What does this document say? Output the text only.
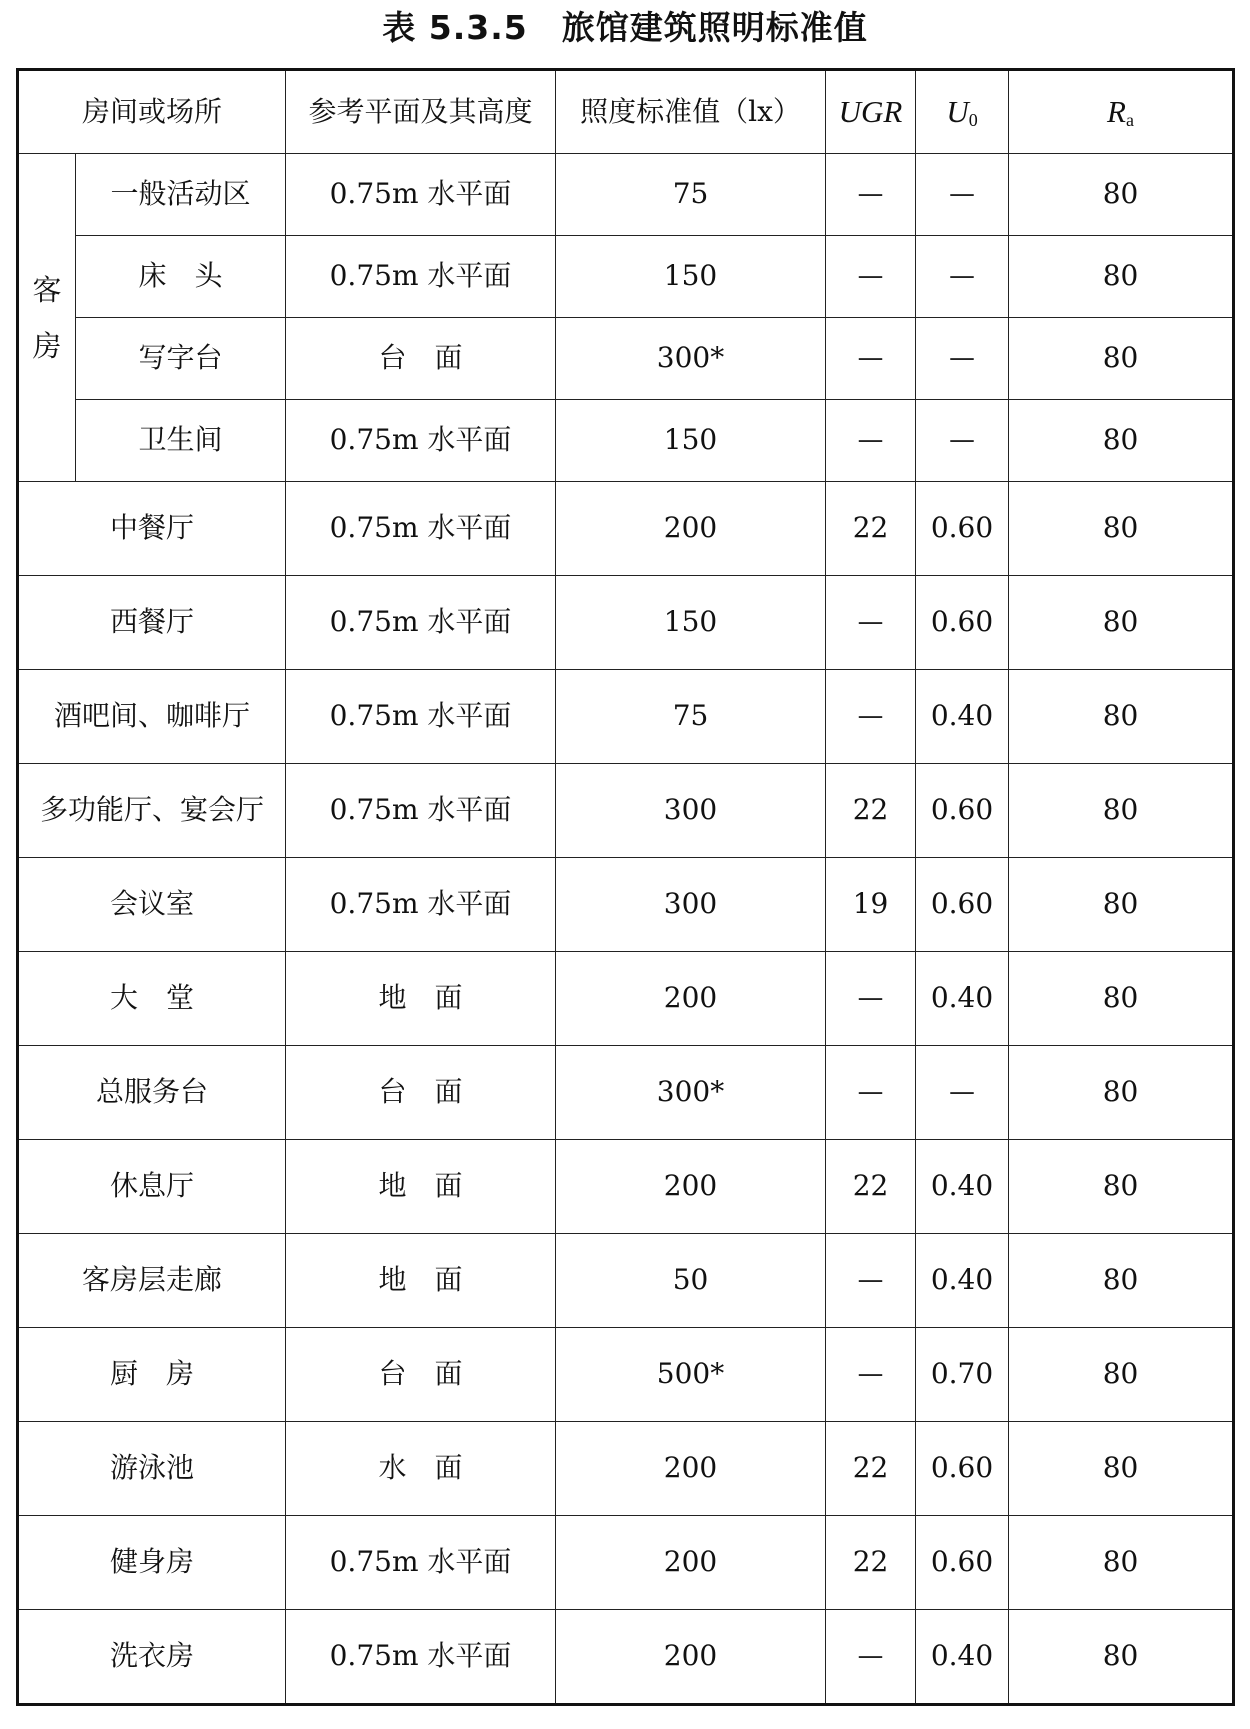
表 5.3.5 旅馆建筑照明标准值
房间或场所		参考平面及其高度	照度标准值（lx）	UGR	$U_0$	$R_a$

客
房	一般活动区	0.75m 水平面	75	—	—	80
	床　头	0.75m 水平面	150	—	—	80
	写字台	台　面	300*	—	—	80
	卫生间	0.75m 水平面	150	—	—	80
中餐厅		0.75m 水平面	200	22	0.60	80
西餐厅		0.75m 水平面	150	—	0.60	80
酒吧间、咖啡厅		0.75m 水平面	75	—	0.40	80
多功能厅、宴会厅		0.75m 水平面	300	22	0.60	80
会议室		0.75m 水平面	300	19	0.60	80
大　堂		地　面	200	—	0.40	80
总服务台		台　面	300*	—	—	80
休息厅		地　面	200	22	0.40	80
客房层走廊		地　面	50	—	0.40	80
厨　房		台　面	500*	—	0.70	80
游泳池		水　面	200	22	0.60	80
健身房		0.75m 水平面	200	22	0.60	80
洗衣房		0.75m 水平面	200	—	0.40	80
